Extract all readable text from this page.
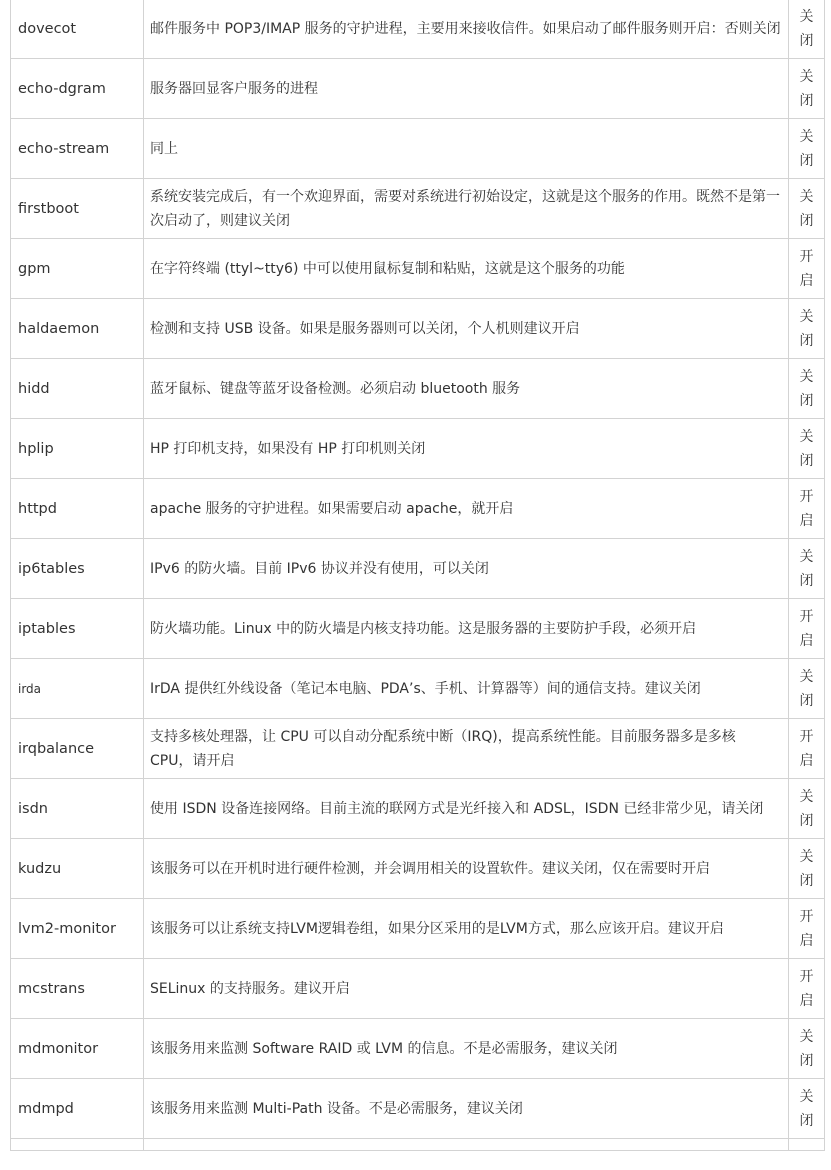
dovecot	邮件服务中 POP3/IMAP 服务的守护进程，主要用来接收信件。如果启动了邮件服务则开启：否则关闭	关闭

echo-dgram	服务器回显客户服务的进程	关闭

echo-stream	同上	关闭

firstboot	系统安装完成后，有一个欢迎界面，需要对系统进行初始设定，这就是这个服务的作用。既然不是第一次启动了，则建议关闭	关闭

gpm	在字符终端 (ttyl~tty6) 中可以使用鼠标复制和粘贴，这就是这个服务的功能	开启

haldaemon	检测和支持 USB 设备。如果是服务器则可以关闭，个人机则建议开启	关闭

hidd	蓝牙鼠标、键盘等蓝牙设备检测。必须启动 bluetooth 服务	关闭

hplip	HP 打印机支持，如果没有 HP 打印机则关闭	关闭

httpd	apache 服务的守护进程。如果需要启动 apache，就开启	开启

ip6tables	IPv6 的防火墙。目前 IPv6 协议并没有使用，可以关闭	关闭

iptables	防火墙功能。Linux 中的防火墙是内核支持功能。这是服务器的主要防护手段，必须开启	开启

irda	IrDA 提供红外线设备（笔记本电脑、PDA’s、手机、计算器等）间的通信支持。建议关闭	关闭

irqbalance	支持多核处理器，让 CPU 可以自动分配系统中断（IRQ)，提高系统性能。目前服务器多是多核 CPU，请开启	开启

isdn	使用 ISDN 设备连接网络。目前主流的联网方式是光纤接入和 ADSL，ISDN 已经非常少见，请关闭	关闭

kudzu	该服务可以在开机时进行硬件检测，并会调用相关的设置软件。建议关闭，仅在需要时开启	关闭

lvm2-monitor	该服务可以让系统支持LVM逻辑卷组，如果分区采用的是LVM方式，那么应该开启。建议开启	开启

mcstrans	SELinux 的支持服务。建议开启	开启

mdmonitor	该服务用来监测 Software RAID 或 LVM 的信息。不是必需服务，建议关闭	关闭

mdmpd	该服务用来监测 Multi-Path 设备。不是必需服务，建议关闭	关闭
